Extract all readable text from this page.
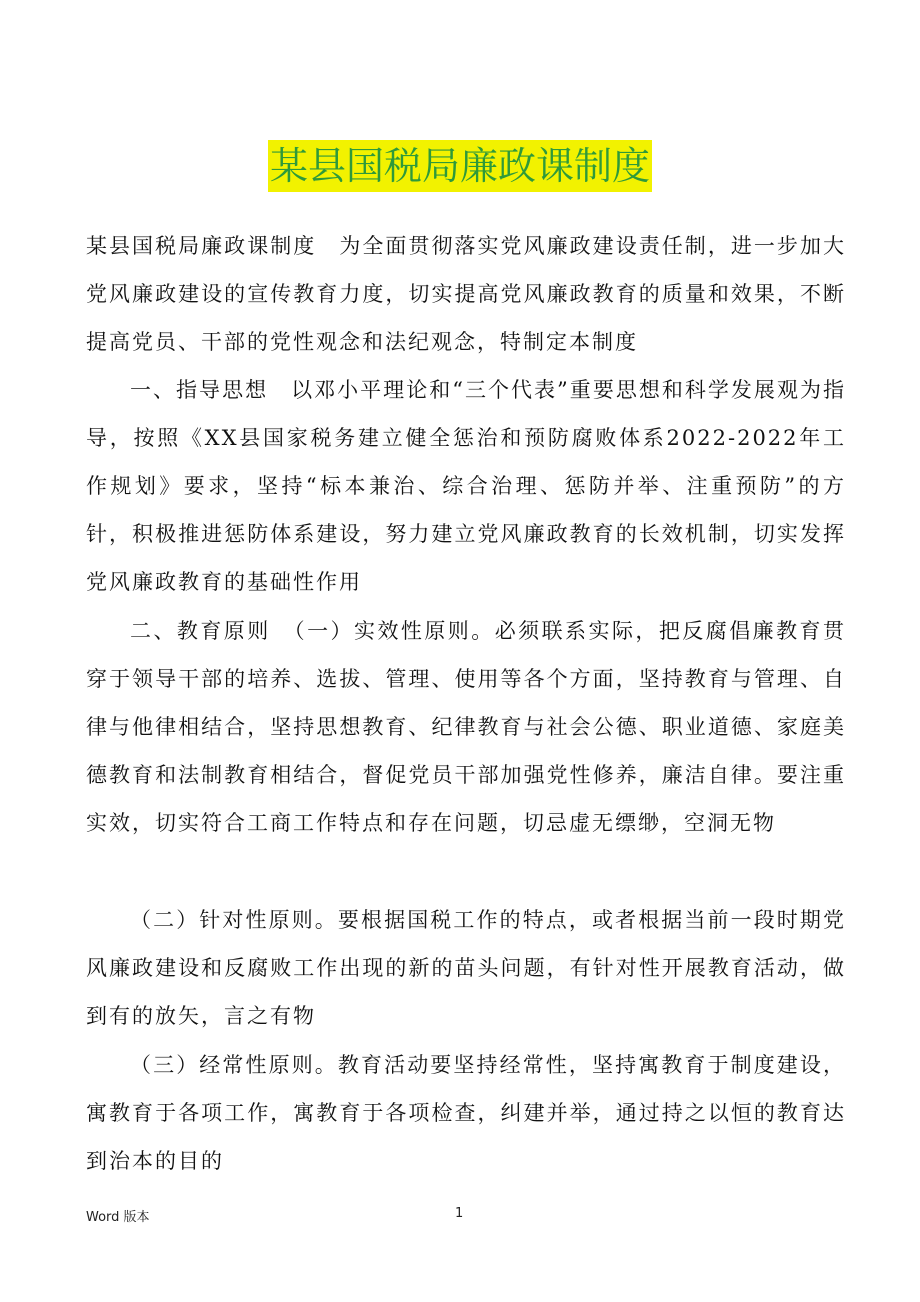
某县国税局廉政课制度

某县国税局廉政课制度　为全面贯彻落实党风廉政建设责任制，进一步加大党风廉政建设的宣传教育力度，切实提高党风廉政教育的质量和效果，不断提高党员、干部的党性观念和法纪观念，特制定本制度

一、指导思想　以邓小平理论和“三个代表”重要思想和科学发展观为指导，按照《XX县国家税务建立健全惩治和预防腐败体系2022-2022年工作规划》要求，坚持“标本兼治、综合治理、惩防并举、注重预防”的方针，积极推进惩防体系建设，努力建立党风廉政教育的长效机制，切实发挥党风廉政教育的基础性作用

二、教育原则　（一）实效性原则。必须联系实际，把反腐倡廉教育贯穿于领导干部的培养、选拔、管理、使用等各个方面，坚持教育与管理、自律与他律相结合，坚持思想教育、纪律教育与社会公德、职业道德、家庭美德教育和法制教育相结合，督促党员干部加强党性修养，廉洁自律。要注重实效，切实符合工商工作特点和存在问题，切忌虚无缥缈，空洞无物

（二）针对性原则。要根据国税工作的特点，或者根据当前一段时期党风廉政建设和反腐败工作出现的新的苗头问题，有针对性开展教育活动，做到有的放矢，言之有物

（三）经常性原则。教育活动要坚持经常性，坚持寓教育于制度建设，寓教育于各项工作，寓教育于各项检查，纠建并举，通过持之以恒的教育达到治本的目的

Word 版本	1
